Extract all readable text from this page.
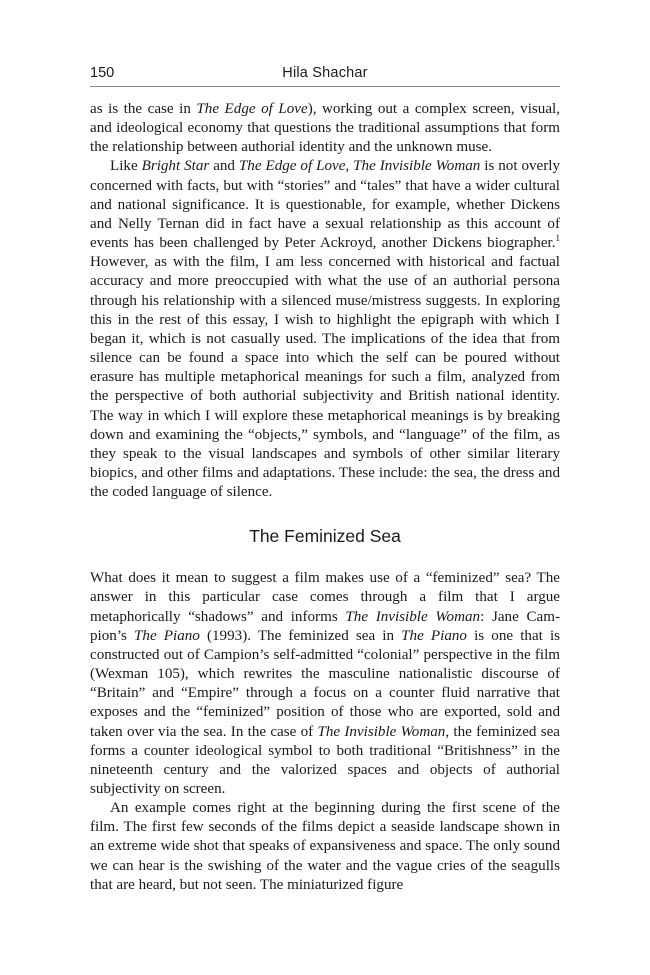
150	Hila Shachar

as is the case in The Edge of Love), working out a complex screen, visual, and ideological economy that questions the traditional assumptions that form the relationship between authorial identity and the unknown muse.

Like Bright Star and The Edge of Love, The Invisible Woman is not overly concerned with facts, but with “stories” and “tales” that have a wider cultural and national significance. It is questionable, for example, whether Dickens and Nelly Ternan did in fact have a sexual relationship as this account of events has been challenged by Peter Ackroyd, another Dickens biographer.$^1$ However, as with the film, I am less concerned with historical and factual accuracy and more preoccupied with what the use of an authorial persona through his relationship with a silenced muse/​mistress suggests. In exploring this in the rest of this essay, I wish to highlight the epigraph with which I began it, which is not casually used. The implications of the idea that from silence can be found a space into which the self can be poured without erasure has multiple metaphorical meanings for such a film, analyzed from the perspective of both authorial subjectivity and British national identity. The way in which I will explore these metaphorical meanings is by breaking down and examining the “objects,” symbols, and “language” of the film, as they speak to the visual landscapes and symbols of other similar literary biopics, and other films and adaptations. These include: the sea, the dress and the coded language of silence.

The Feminized Sea

What does it mean to suggest a film makes use of a “feminized” sea? The answer in this particular case comes through a film that I argue metaphorically “shadows” and informs The Invisible Woman: Jane Campion’s The Piano (1993). The feminized sea in The Piano is one that is constructed out of Campion’s self-admitted “colonial” perspective in the film (Wexman 105), which rewrites the masculine nationalistic discourse of “Britain” and “Empire” through a focus on a counter fluid narrative that exposes and the “feminized” position of those who are exported, sold and taken over via the sea. In the case of The Invisible Woman, the feminized sea forms a counter ideological symbol to both traditional “Britishness” in the nineteenth century and the valorized spaces and objects of authorial subjectivity on screen.

An example comes right at the beginning during the first scene of the film. The first few seconds of the films depict a seaside landscape shown in an extreme wide shot that speaks of expansiveness and space. The only sound we can hear is the swishing of the water and the vague cries of the seagulls that are heard, but not seen. The miniaturized figure
